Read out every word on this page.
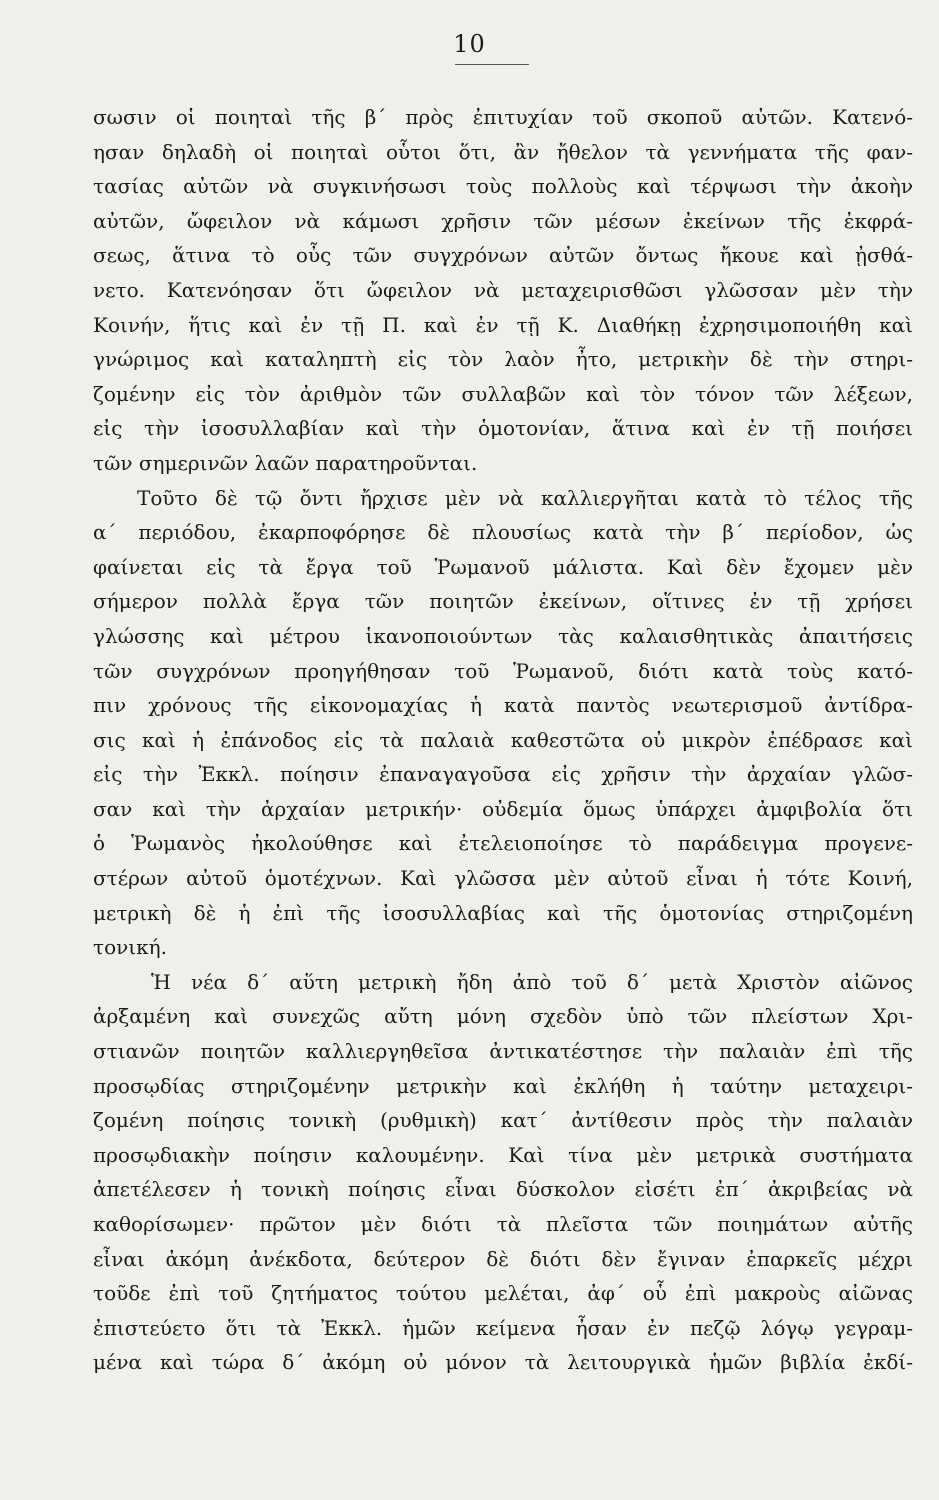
10
σωσιν οἱ ποιηταὶ τῆς β΄ πρὸς ἐπιτυχίαν τοῦ σκοποῦ αὐτῶν. Κατενό-
ησαν δηλαδὴ οἱ ποιηταὶ οὗτοι ὅτι, ἂν ἤθελον τὰ γεννήματα τῆς φαν-
τασίας αὐτῶν νὰ συγκινήσωσι τοὺς πολλοὺς καὶ τέρψωσι τὴν ἀκοὴν
αὐτῶν, ὤφειλον νὰ κάμωσι χρῆσιν τῶν μέσων ἐκείνων τῆς ἐκφρά-
σεως, ἅτινα τὸ οὖς τῶν συγχρόνων αὐτῶν ὄντως ἤκουε καὶ ᾐσθά-
νετο. Κατενόησαν ὅτι ὤφειλον νὰ μεταχειρισθῶσι γλῶσσαν μὲν τὴν
Κοινήν, ἥτις καὶ ἐν τῇ Π. καὶ ἐν τῇ Κ. Διαθήκῃ ἐχρησιμοποιήθη καὶ
γνώριμος καὶ καταληπτὴ εἰς τὸν λαὸν ἦτο, μετρικὴν δὲ τὴν στηρι-
ζομένην εἰς τὸν ἀριθμὸν τῶν συλλαβῶν καὶ τὸν τόνον τῶν λέξεων,
εἰς τὴν ἰσοσυλλαβίαν καὶ τὴν ὁμοτονίαν, ἅτινα καὶ ἐν τῇ ποιήσει
τῶν σημερινῶν λαῶν παρατηροῦνται.
Τοῦτο δὲ τῷ ὄντι ἤρχισε μὲν νὰ καλλιεργῆται κατὰ τὸ τέλος τῆς
α΄ περιόδου, ἐκαρποφόρησε δὲ πλουσίως κατὰ τὴν β΄ περίοδον, ὡς
φαίνεται εἰς τὰ ἔργα τοῦ Ῥωμανοῦ μάλιστα. Καὶ δὲν ἔχομεν μὲν
σήμερον πολλὰ ἔργα τῶν ποιητῶν ἐκείνων, οἵτινες ἐν τῇ χρήσει
γλώσσης καὶ μέτρου ἱκανοποιούντων τὰς καλαισθητικὰς ἀπαιτήσεις
τῶν συγχρόνων προηγήθησαν τοῦ Ῥωμανοῦ, διότι κατὰ τοὺς κατό-
πιν χρόνους τῆς εἰκονομαχίας ἡ κατὰ παντὸς νεωτερισμοῦ ἀντίδρα-
σις καὶ ἡ ἐπάνοδος εἰς τὰ παλαιὰ καθεστῶτα οὐ μικρὸν ἐπέδρασε καὶ
εἰς τὴν Ἐκκλ. ποίησιν ἐπαναγαγοῦσα εἰς χρῆσιν τὴν ἀρχαίαν γλῶσ-
σαν καὶ τὴν ἀρχαίαν μετρικήν· οὐδεμία ὅμως ὑπάρχει ἀμφιβολία ὅτι
ὁ Ῥωμανὸς ἠκολούθησε καὶ ἐτελειοποίησε τὸ παράδειγμα προγενε-
στέρων αὐτοῦ ὁμοτέχνων. Καὶ γλῶσσα μὲν αὐτοῦ εἶναι ἡ τότε Κοινή,
μετρικὴ δὲ ἡ ἐπὶ τῆς ἰσοσυλλαβίας καὶ τῆς ὁμοτονίας στηριζομένη
τονική.
Ἡ νέα δ΄ αὕτη μετρικὴ ἤδη ἀπὸ τοῦ δ΄ μετὰ Χριστὸν αἰῶνος
ἀρξαμένη καὶ συνεχῶς αὔτη μόνη σχεδὸν ὑπὸ τῶν πλείστων Χρι-
στιανῶν ποιητῶν καλλιεργηθεῖσα ἀντικατέστησε τὴν παλαιὰν ἐπὶ τῆς
προσῳδίας στηριζομένην μετρικὴν καὶ ἐκλήθη ἡ ταύτην μεταχειρι-
ζομένη ποίησις τονικὴ (ρυθμικὴ) κατ΄ ἀντίθεσιν πρὸς τὴν παλαιὰν
προσῳδιακὴν ποίησιν καλουμένην. Καὶ τίνα μὲν μετρικὰ συστήματα
ἀπετέλεσεν ἡ τονικὴ ποίησις εἶναι δύσκολον εἰσέτι ἐπ΄ ἀκριβείας νὰ
καθορίσωμεν· πρῶτον μὲν διότι τὰ πλεῖστα τῶν ποιημάτων αὐτῆς
εἶναι ἀκόμη ἀνέκδοτα, δεύτερον δὲ διότι δὲν ἔγιναν ἐπαρκεῖς μέχρι
τοῦδε ἐπὶ τοῦ ζητήματος τούτου μελέται, ἀφ΄ οὗ ἐπὶ μακροὺς αἰῶνας
ἐπιστεύετο ὅτι τὰ Ἐκκλ. ἡμῶν κείμενα ἦσαν ἐν πεζῷ λόγῳ γεγραμ-
μένα καὶ τώρα δ΄ ἀκόμη οὐ μόνον τὰ λειτουργικὰ ἡμῶν βιβλία ἐκδί-
